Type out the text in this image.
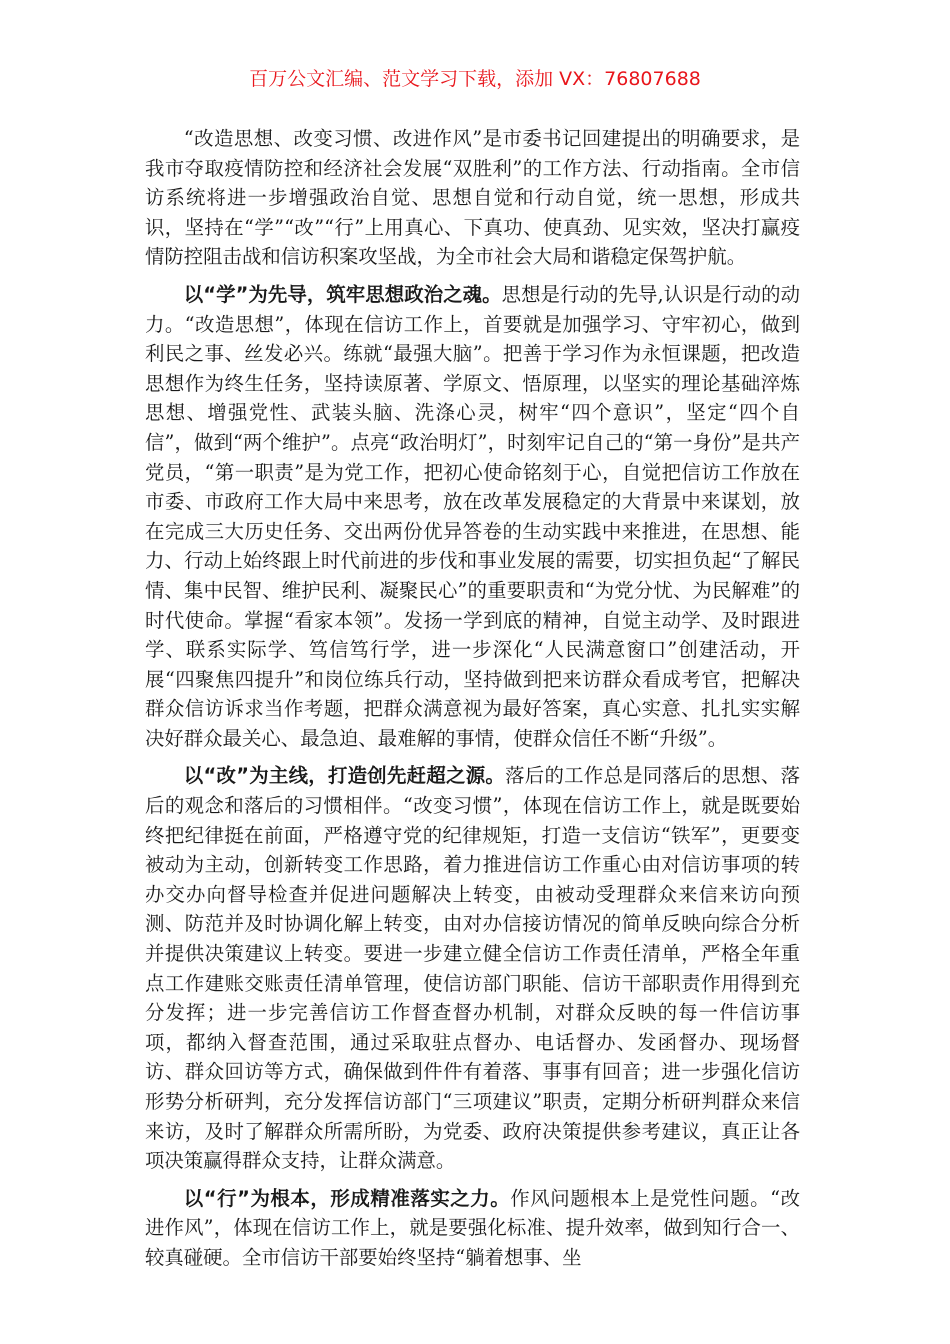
百万公文汇编、范文学习下载，添加 VX：76807688

“改造思想、改变习惯、改进作风”是市委书记回建提出的明确要求，是我市夺取疫情防控和经济社会发展“双胜利”的工作方法、行动指南。全市信访系统将进一步增强政治自觉、思想自觉和行动自觉，统一思想，形成共识，坚持在“学”“改”“行”上用真心、下真功、使真劲、见实效，坚决打赢疫情防控阻击战和信访积案攻坚战，为全市社会大局和谐稳定保驾护航。

以“学”为先导，筑牢思想政治之魂。思想是行动的先导,认识是行动的动力。“改造思想”，体现在信访工作上，首要就是加强学习、守牢初心，做到利民之事、丝发必兴。练就“最强大脑”。把善于学习作为永恒课题，把改造思想作为终生任务，坚持读原著、学原文、悟原理，以坚实的理论基础淬炼思想、增强党性、武装头脑、洗涤心灵，树牢“四个意识”，坚定“四个自信”，做到“两个维护”。点亮“政治明灯”，时刻牢记自己的“第一身份”是共产党员，“第一职责”是为党工作，把初心使命铭刻于心，自觉把信访工作放在市委、市政府工作大局中来思考，放在改革发展稳定的大背景中来谋划，放在完成三大历史任务、交出两份优异答卷的生动实践中来推进，在思想、能力、行动上始终跟上时代前进的步伐和事业发展的需要，切实担负起“了解民情、集中民智、维护民利、凝聚民心”的重要职责和“为党分忧、为民解难”的时代使命。掌握“看家本领”。发扬一学到底的精神，自觉主动学、及时跟进学、联系实际学、笃信笃行学，进一步深化“人民满意窗口”创建活动，开展“四聚焦四提升”和岗位练兵行动，坚持做到把来访群众看成考官，把解决群众信访诉求当作考题，把群众满意视为最好答案，真心实意、扎扎实实解决好群众最关心、最急迫、最难解的事情，使群众信任不断“升级”。

以“改”为主线，打造创先赶超之源。落后的工作总是同落后的思想、落后的观念和落后的习惯相伴。“改变习惯”，体现在信访工作上，就是既要始终把纪律挺在前面，严格遵守党的纪律规矩，打造一支信访“铁军”，更要变被动为主动，创新转变工作思路，着力推进信访工作重心由对信访事项的转办交办向督导检查并促进问题解决上转变，由被动受理群众来信来访向预测、防范并及时协调化解上转变，由对办信接访情况的简单反映向综合分析并提供决策建议上转变。要进一步建立健全信访工作责任清单，严格全年重点工作建账交账责任清单管理，使信访部门职能、信访干部职责作用得到充分发挥；进一步完善信访工作督查督办机制，对群众反映的每一件信访事项，都纳入督查范围，通过采取驻点督办、电话督办、发函督办、现场督访、群众回访等方式，确保做到件件有着落、事事有回音；进一步强化信访形势分析研判，充分发挥信访部门“三项建议”职责，定期分析研判群众来信来访，及时了解群众所需所盼，为党委、政府决策提供参考建议，真正让各项决策赢得群众支持，让群众满意。

以“行”为根本，形成精准落实之力。作风问题根本上是党性问题。“改进作风”，体现在信访工作上，就是要强化标准、提升效率，做到知行合一、较真碰硬。全市信访干部要始终坚持“躺着想事、坐
